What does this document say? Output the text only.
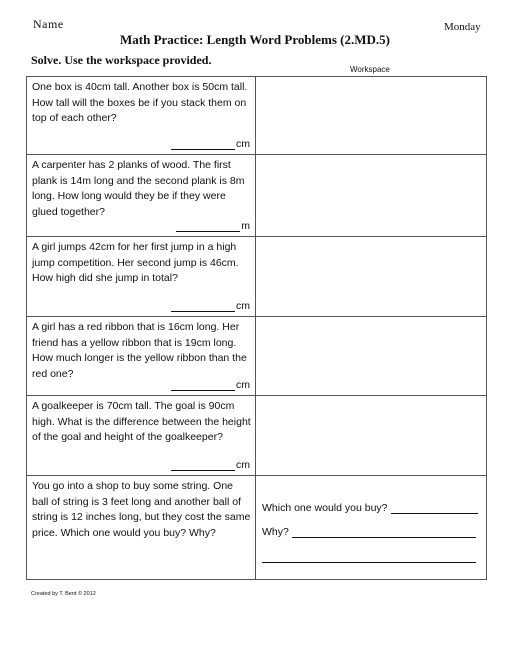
Name	Monday
Math Practice: Length Word Problems (2.MD.5)
Solve. Use the workspace provided.
Workspace
One box is 40cm tall. Another box is 50cm tall. How tall will the boxes be if you stack them on top of each other?
cm	

A carpenter has 2 planks of wood. The first plank is 14m long and the second plank is 8m long. How long would they be if they were glued together?
m	

A girl jumps 42cm for her first jump in a high jump competition. Her second jump is 46cm. How high did she jump in total?
cm	

A girl has a red ribbon that is 16cm long. Her friend has a yellow ribbon that is 19cm long. How much longer is the yellow ribbon than the red one?
cm	

A goalkeeper is 70cm tall. The goal is 90cm high. What is the difference between the height of the goal and height of the goalkeeper?
cm	

You go into a shop to buy some string. One ball of string is 3 feet long and another ball of string is 12 inches long, but they cost the same price. Which one would you buy? Why?	Which one would you buy?
Why?
Created by T. Bent © 2012
